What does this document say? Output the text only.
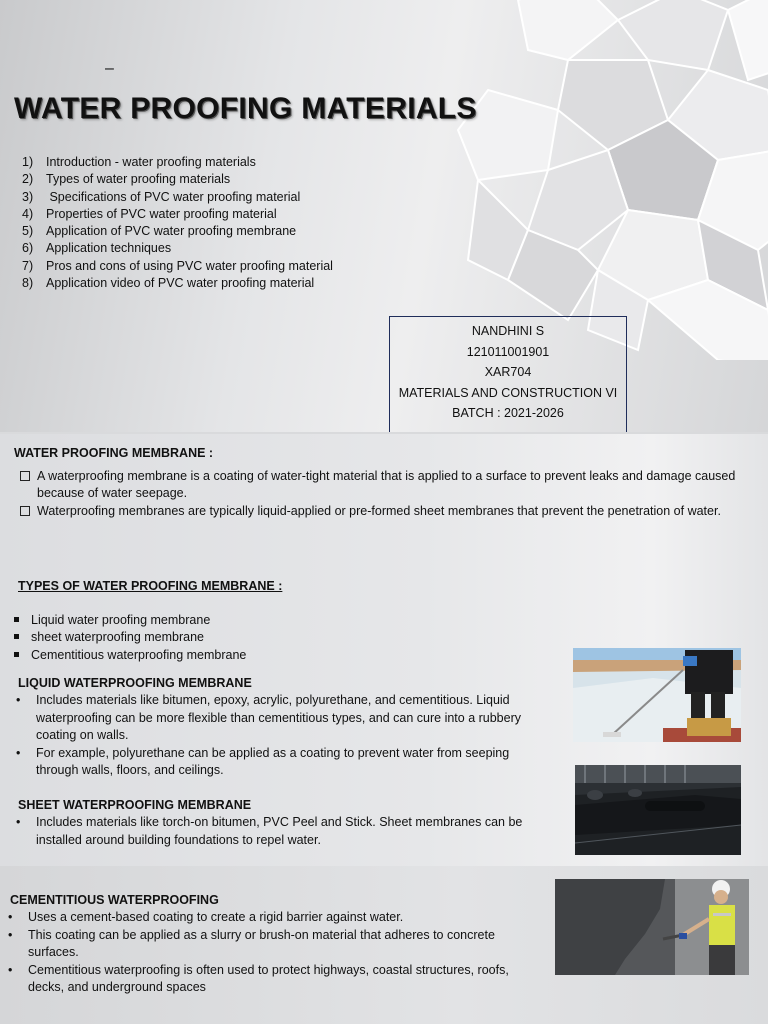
–
WATER PROOFING MATERIALS
1) Introduction - water proofing materials
2) Types of water proofing materials
3) Specifications of PVC water proofing material
4) Properties of PVC water proofing material
5) Application of PVC water proofing membrane
6) Application techniques
7) Pros and cons of using PVC water proofing material
8) Application video of PVC water proofing material
NANDHINI S
121011001901
XAR704
MATERIALS AND CONSTRUCTION VI
BATCH : 2021-2026
WATER PROOFING MEMBRANE :
A waterproofing membrane is a coating of water-tight material that is applied to a surface to prevent leaks and damage caused because of water seepage.
Waterproofing membranes are typically liquid-applied or pre-formed sheet membranes that prevent the penetration of water.
TYPES OF WATER PROOFING MEMBRANE :
Liquid water proofing membrane
sheet waterproofing membrane
Cementitious waterproofing membrane
LIQUID WATERPROOFING MEMBRANE
• Includes materials like bitumen, epoxy, acrylic, polyurethane, and cementitious. Liquid waterproofing can be more flexible than cementitious types, and can cure into a rubbery coating on walls.
• For example, polyurethane can be applied as a coating to prevent water from seeping through walls, floors, and ceilings.
SHEET WATERPROOFING MEMBRANE
• Includes materials like torch-on bitumen, PVC Peel and Stick. Sheet membranes can be installed around building foundations to repel water.
CEMENTITIOUS WATERPROOFING
• Uses a cement-based coating to create a rigid barrier against water.
• This coating can be applied as a slurry or brush-on material that adheres to concrete surfaces.
• Cementitious waterproofing is often used to protect highways, coastal structures, roofs, decks, and underground spaces
